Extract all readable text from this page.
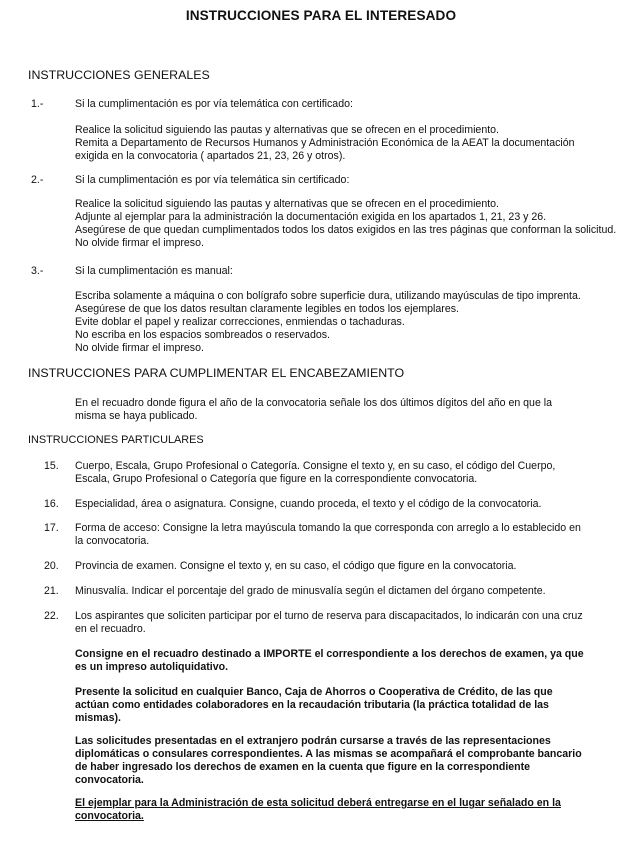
INSTRUCCIONES PARA EL INTERESADO
INSTRUCCIONES GENERALES
1.-	Si la cumplimentación es por vía telemática con certificado:
Realice la solicitud siguiendo las pautas y alternativas que se ofrecen en el procedimiento.
Remita a Departamento de Recursos Humanos y Administración Económica de la AEAT la documentación
exigida en la convocatoria ( apartados 21, 23, 26 y otros).
2.-	Si la cumplimentación es por vía telemática sin certificado:
Realice la solicitud siguiendo las pautas y alternativas que se ofrecen en el procedimiento.
Adjunte al ejemplar para la administración la documentación exigida en los apartados 1, 21, 23 y 26.
Asegúrese de que quedan cumplimentados todos los datos exigidos en las tres páginas que conforman la solicitud.
No olvide firmar el impreso.
3.-	Si la cumplimentación es manual:
Escriba solamente a máquina o con bolígrafo sobre superficie dura, utilizando mayúsculas de tipo imprenta.
Asegúrese de que los datos resultan claramente legibles en todos los ejemplares.
Evite doblar el papel y realizar correcciones, enmiendas o tachaduras.
No escriba en los espacios sombreados o reservados.
No olvide firmar el impreso.
INSTRUCCIONES PARA CUMPLIMENTAR EL ENCABEZAMIENTO
En el recuadro donde figura el año de la convocatoria señale los dos últimos dígitos del año en que la
misma se haya publicado.
INSTRUCCIONES PARTICULARES
15. Cuerpo, Escala, Grupo Profesional o Categoría. Consigne el texto y, en su caso, el código del Cuerpo,
Escala, Grupo Profesional o Categoría que figure en la correspondiente convocatoria.
16. Especialidad, área o asignatura. Consigne, cuando proceda, el texto y el código de la convocatoria.
17. Forma de acceso: Consigne la letra mayúscula tomando la que corresponda con arreglo a lo establecido en
la convocatoria.
20. Provincia de examen. Consigne el texto y, en su caso, el código que figure en la convocatoria.
21. Minusvalía. Indicar el porcentaje del grado de minusvalía según el dictamen del órgano competente.
22. Los aspirantes que soliciten participar por el turno de reserva para discapacitados, lo indicarán con una cruz
en el recuadro.
Consigne en el recuadro destinado a IMPORTE el correspondiente a los derechos de examen, ya que
es un impreso autoliquidativo.
Presente la solicitud en cualquier Banco, Caja de Ahorros o Cooperativa de Crédito, de las que
actúan como entidades colaboradores en la recaudación tributaria (la práctica totalidad de las
mismas).
Las solicitudes presentadas en el extranjero podrán cursarse a través de las representaciones
diplomáticas o consulares correspondientes. A las mismas se acompañará el comprobante bancario
de haber ingresado los derechos de examen en la cuenta que figure en la correspondiente
convocatoria.
El ejemplar para la Administración de esta solicitud deberá entregarse en el lugar señalado en la
convocatoria.
